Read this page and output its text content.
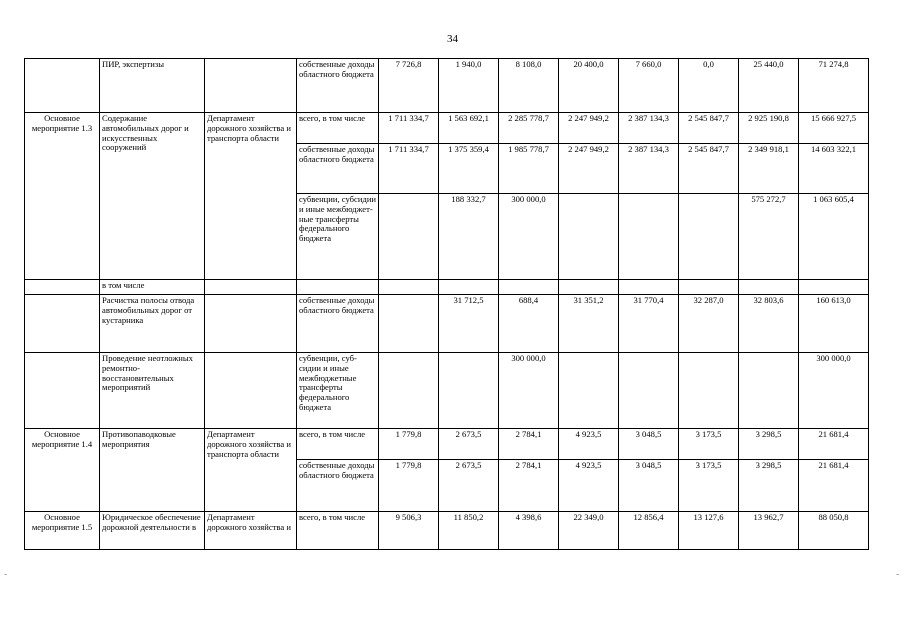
34
	ПИР, экспертизы		собственные доходы областного бюджета	7 726,8	1 940,0	8 108,0	20 400,0	7 660,0	0,0	25 440,0	71 274,8
Основное мероприятие 1.3	Содержание автомобильных дорог и искусственных сооружений	Департамент дорожного хозяйства и транспорта области	всего, в том числе	1 711 334,7	1 563 692,1	2 285 778,7	2 247 949,2	2 387 134,3	2 545 847,7	2 925 190,8	15 666 927,5
			собственные доходы областного бюджета	1 711 334,7	1 375 359,4	1 985 778,7	2 247 949,2	2 387 134,3	2 545 847,7	2 349 918,1	14 603 322,1
			субвенции, субсидии и иные межбюджет-ные трансферты федерального бюджета		188 332,7	300 000,0				575 272,7	1 063 605,4
	в том числе										
	Расчистка полосы отвода автомобильных дорог от кустарника		собственные доходы областного бюджета		31 712,5	688,4	31 351,2	31 770,4	32 287,0	32 803,6	160 613,0
	Проведение неотложных ремонтно-восстановительных мероприятий		субвенции, суб-сидии и иные межбюджетные трансферты федерального бюджета			300 000,0					300 000,0
Основное мероприятие 1.4	Противопаводковые мероприятия	Департамент дорожного хозяйства и транспорта области	всего, в том числе	1 779,8	2 673,5	2 784,1	4 923,5	3 048,5	3 173,5	3 298,5	21 681,4
			собственные доходы областного бюджета	1 779,8	2 673,5	2 784,1	4 923,5	3 048,5	3 173,5	3 298,5	21 681,4
Основное мероприятие 1.5	Юридическое обеспечение дорожной деятельности в	Департамент дорожного хозяйства и	всего, в том числе	9 506,3	11 850,2	4 398,6	22 349,0	12 856,4	13 127,6	13 962,7	88 050,8
-	-
